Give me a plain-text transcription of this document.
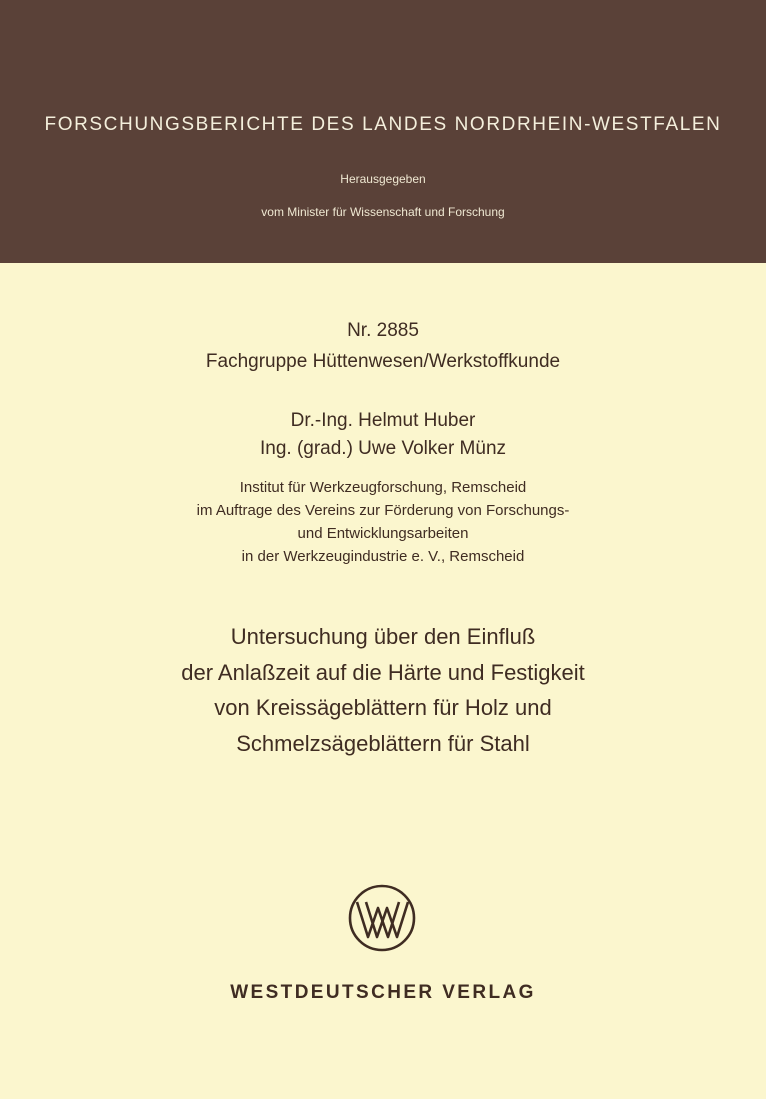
FORSCHUNGSBERICHTE DES LANDES NORDRHEIN-WESTFALEN
Herausgegeben
vom Minister für Wissenschaft und Forschung
Nr. 2885
Fachgruppe Hüttenwesen/Werkstoffkunde
Dr.-Ing. Helmut Huber
Ing. (grad.) Uwe Volker Münz
Institut für Werkzeugforschung, Remscheid
im Auftrage des Vereins zur Förderung von Forschungs-
und Entwicklungsarbeiten
in der Werkzeugindustrie e. V., Remscheid
Untersuchung über den Einfluß
der Anlaßzeit auf die Härte und Festigkeit
von Kreissägeblättern für Holz und
Schmelzsägeblättern für Stahl
WESTDEUTSCHER VERLAG
